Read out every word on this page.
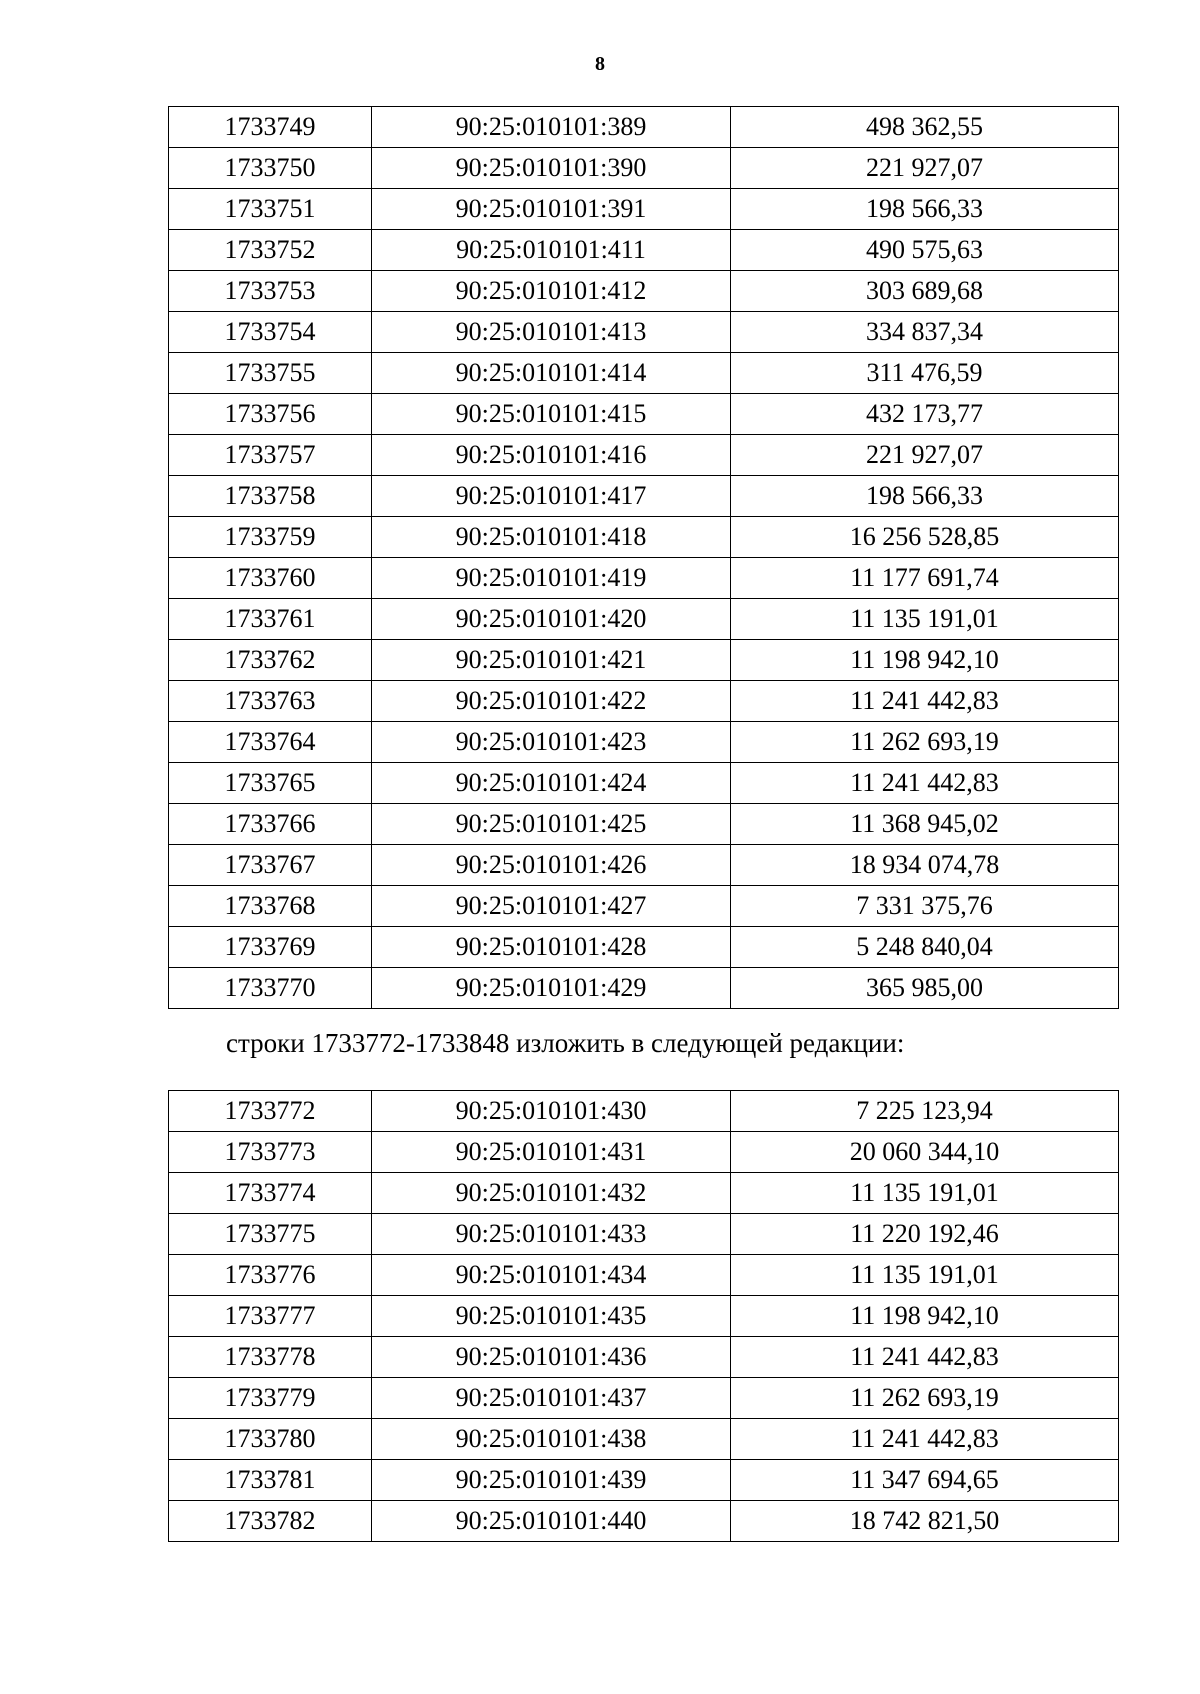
8
1733749	90:25:010101:389	498 362,55
1733750	90:25:010101:390	221 927,07
1733751	90:25:010101:391	198 566,33
1733752	90:25:010101:411	490 575,63
1733753	90:25:010101:412	303 689,68
1733754	90:25:010101:413	334 837,34
1733755	90:25:010101:414	311 476,59
1733756	90:25:010101:415	432 173,77
1733757	90:25:010101:416	221 927,07
1733758	90:25:010101:417	198 566,33
1733759	90:25:010101:418	16 256 528,85
1733760	90:25:010101:419	11 177 691,74
1733761	90:25:010101:420	11 135 191,01
1733762	90:25:010101:421	11 198 942,10
1733763	90:25:010101:422	11 241 442,83
1733764	90:25:010101:423	11 262 693,19
1733765	90:25:010101:424	11 241 442,83
1733766	90:25:010101:425	11 368 945,02
1733767	90:25:010101:426	18 934 074,78
1733768	90:25:010101:427	7 331 375,76
1733769	90:25:010101:428	5 248 840,04
1733770	90:25:010101:429	365 985,00
строки 1733772-1733848 изложить в следующей редакции:
1733772	90:25:010101:430	7 225 123,94
1733773	90:25:010101:431	20 060 344,10
1733774	90:25:010101:432	11 135 191,01
1733775	90:25:010101:433	11 220 192,46
1733776	90:25:010101:434	11 135 191,01
1733777	90:25:010101:435	11 198 942,10
1733778	90:25:010101:436	11 241 442,83
1733779	90:25:010101:437	11 262 693,19
1733780	90:25:010101:438	11 241 442,83
1733781	90:25:010101:439	11 347 694,65
1733782	90:25:010101:440	18 742 821,50
